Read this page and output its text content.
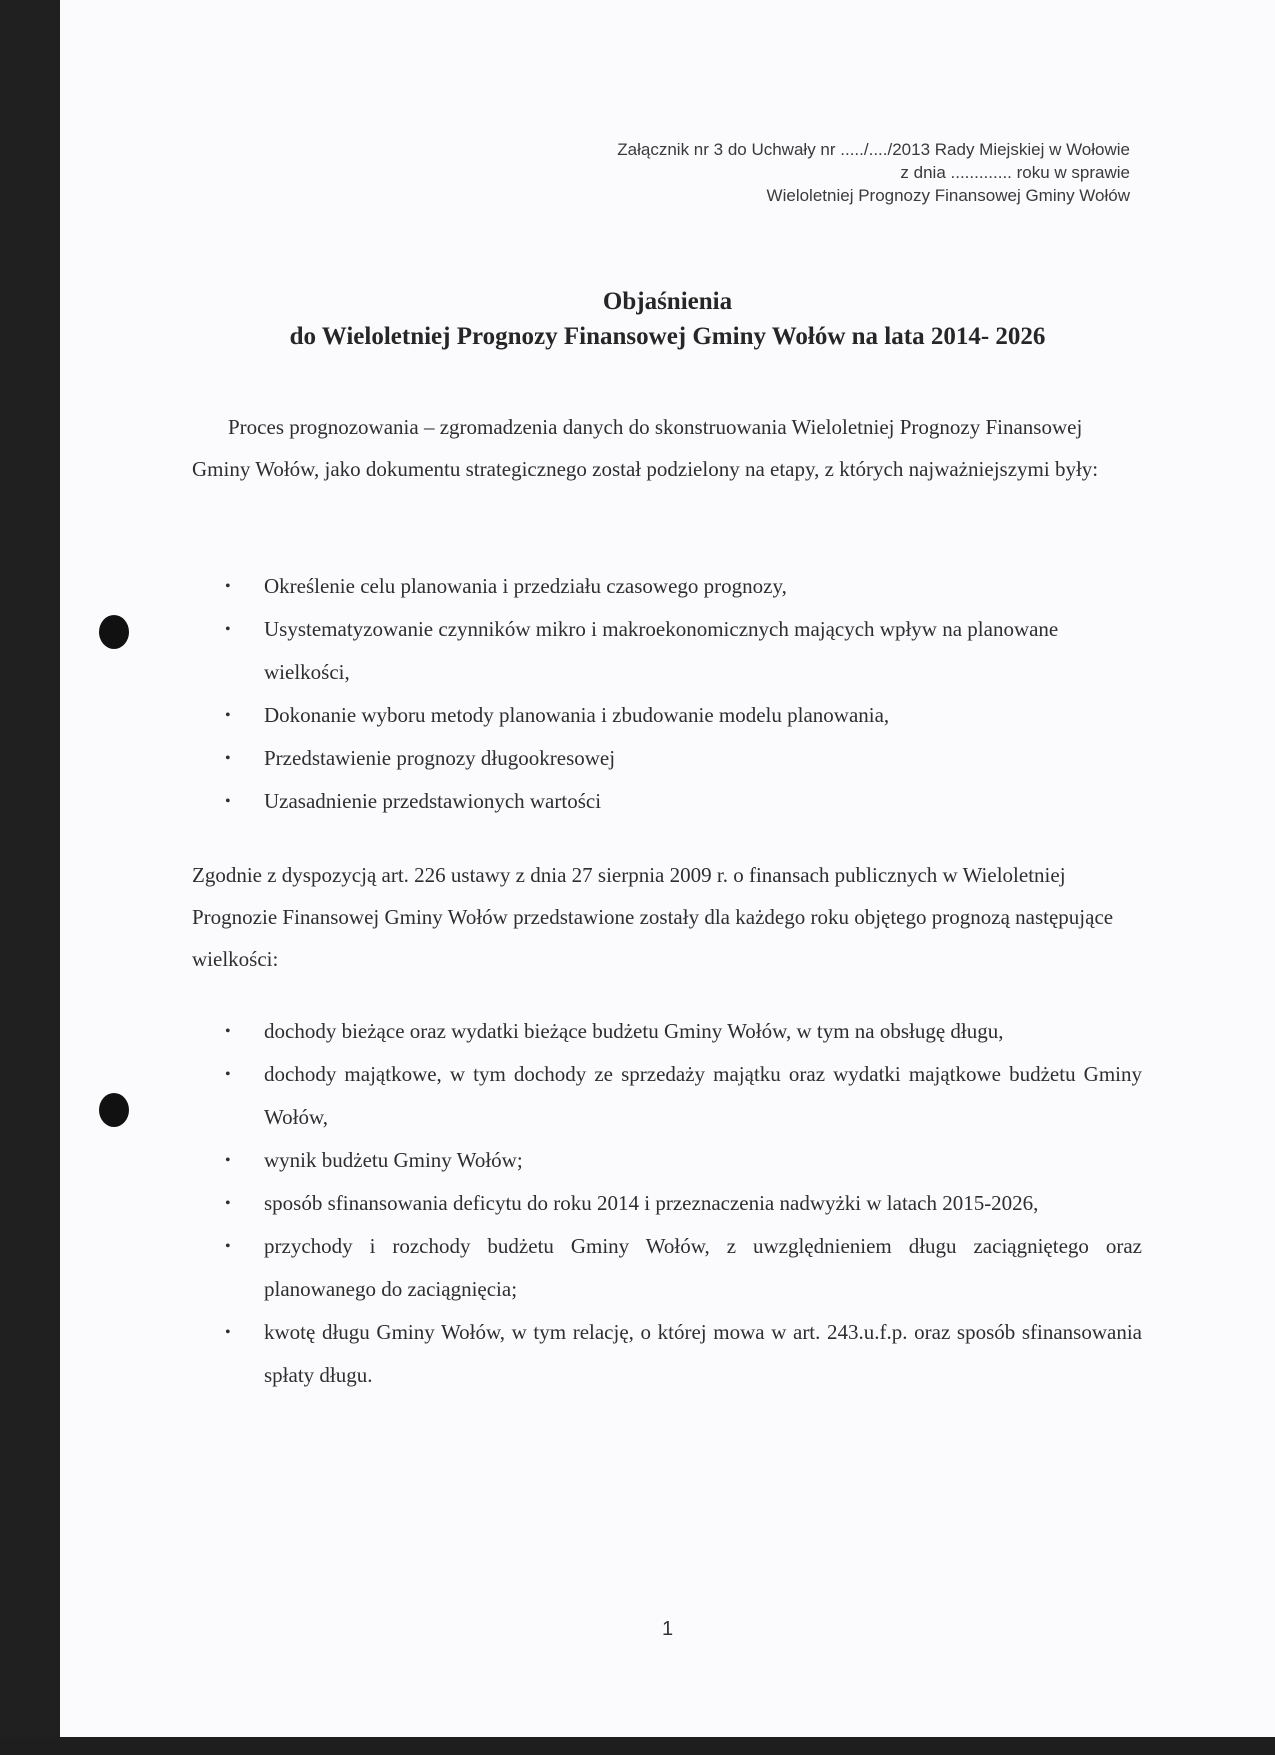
Załącznik nr 3 do Uchwały nr ...../..../2013 Rady Miejskiej w Wołowie
z dnia ............. roku w sprawie
Wieloletniej Prognozy Finansowej Gminy Wołów
Objaśnienia
do Wieloletniej Prognozy Finansowej Gminy Wołów na lata 2014- 2026

Proces prognozowania – zgromadzenia danych do skonstruowania Wieloletniej Prognozy Finansowej Gminy Wołów, jako dokumentu strategicznego został podzielony na etapy, z których najważniejszymi były:

• Określenie celu planowania i przedziału czasowego prognozy,
• Usystematyzowanie czynników mikro i makroekonomicznych mających wpływ na planowane wielkości,
• Dokonanie wyboru metody planowania i zbudowanie modelu planowania,
• Przedstawienie prognozy długookresowej
• Uzasadnienie przedstawionych wartości

Zgodnie z dyspozycją art. 226 ustawy z dnia 27 sierpnia 2009 r. o finansach publicznych w Wieloletniej Prognozie Finansowej Gminy Wołów przedstawione zostały dla każdego roku objętego prognozą następujące wielkości:

• dochody bieżące oraz wydatki bieżące budżetu Gminy Wołów, w tym na obsługę długu,
• dochody majątkowe, w tym dochody ze sprzedaży majątku oraz wydatki majątkowe budżetu Gminy Wołów,
• wynik budżetu Gminy Wołów;
• sposób sfinansowania deficytu do roku 2014 i przeznaczenia nadwyżki w latach 2015-2026,
• przychody i rozchody budżetu Gminy Wołów, z uwzględnieniem długu zaciągniętego oraz planowanego do zaciągnięcia;
• kwotę długu Gminy Wołów, w tym relację, o której mowa w art. 243.u.f.p. oraz sposób sfinansowania spłaty długu.
1
